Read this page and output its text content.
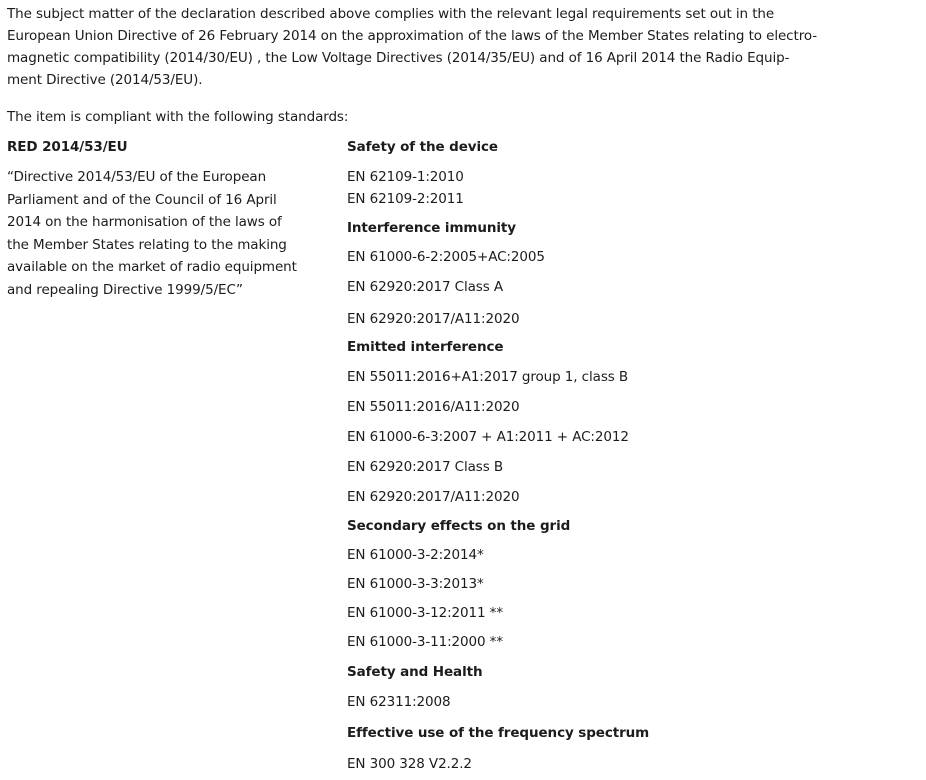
The subject matter of the declaration described above complies with the relevant legal requirements set out in the
European Union Directive of 26 February 2014 on the approximation of the laws of the Member States relating to electro-
magnetic compatibility (2014/30/EU) , the Low Voltage Directives (2014/35/EU) and of 16 April 2014 the Radio Equip-
ment Directive (2014/53/EU).

The item is compliant with the following standards:

RED 2014/53/EU

“Directive 2014/53/EU of the European
Parliament and of the Council of 16 April
2014 on the harmonisation of the laws of
the Member States relating to the making
available on the market of radio equipment
and repealing Directive 1999/5/EC”
Safety of the device
EN 62109-1:2010
EN 62109-2:2011
Interference immunity
EN 61000-6-2:2005+AC:2005
EN 62920:2017 Class A
EN 62920:2017/A11:2020
Emitted interference
EN 55011:2016+A1:2017 group 1, class B
EN 55011:2016/A11:2020
EN 61000-6-3:2007 + A1:2011 + AC:2012
EN 62920:2017 Class B
EN 62920:2017/A11:2020
Secondary effects on the grid
EN 61000-3-2:2014*
EN 61000-3-3:2013*
EN 61000-3-12:2011 **
EN 61000-3-11:2000 **
Safety and Health
EN 62311:2008
Effective use of the frequency spectrum
EN 300 328 V2.2.2
